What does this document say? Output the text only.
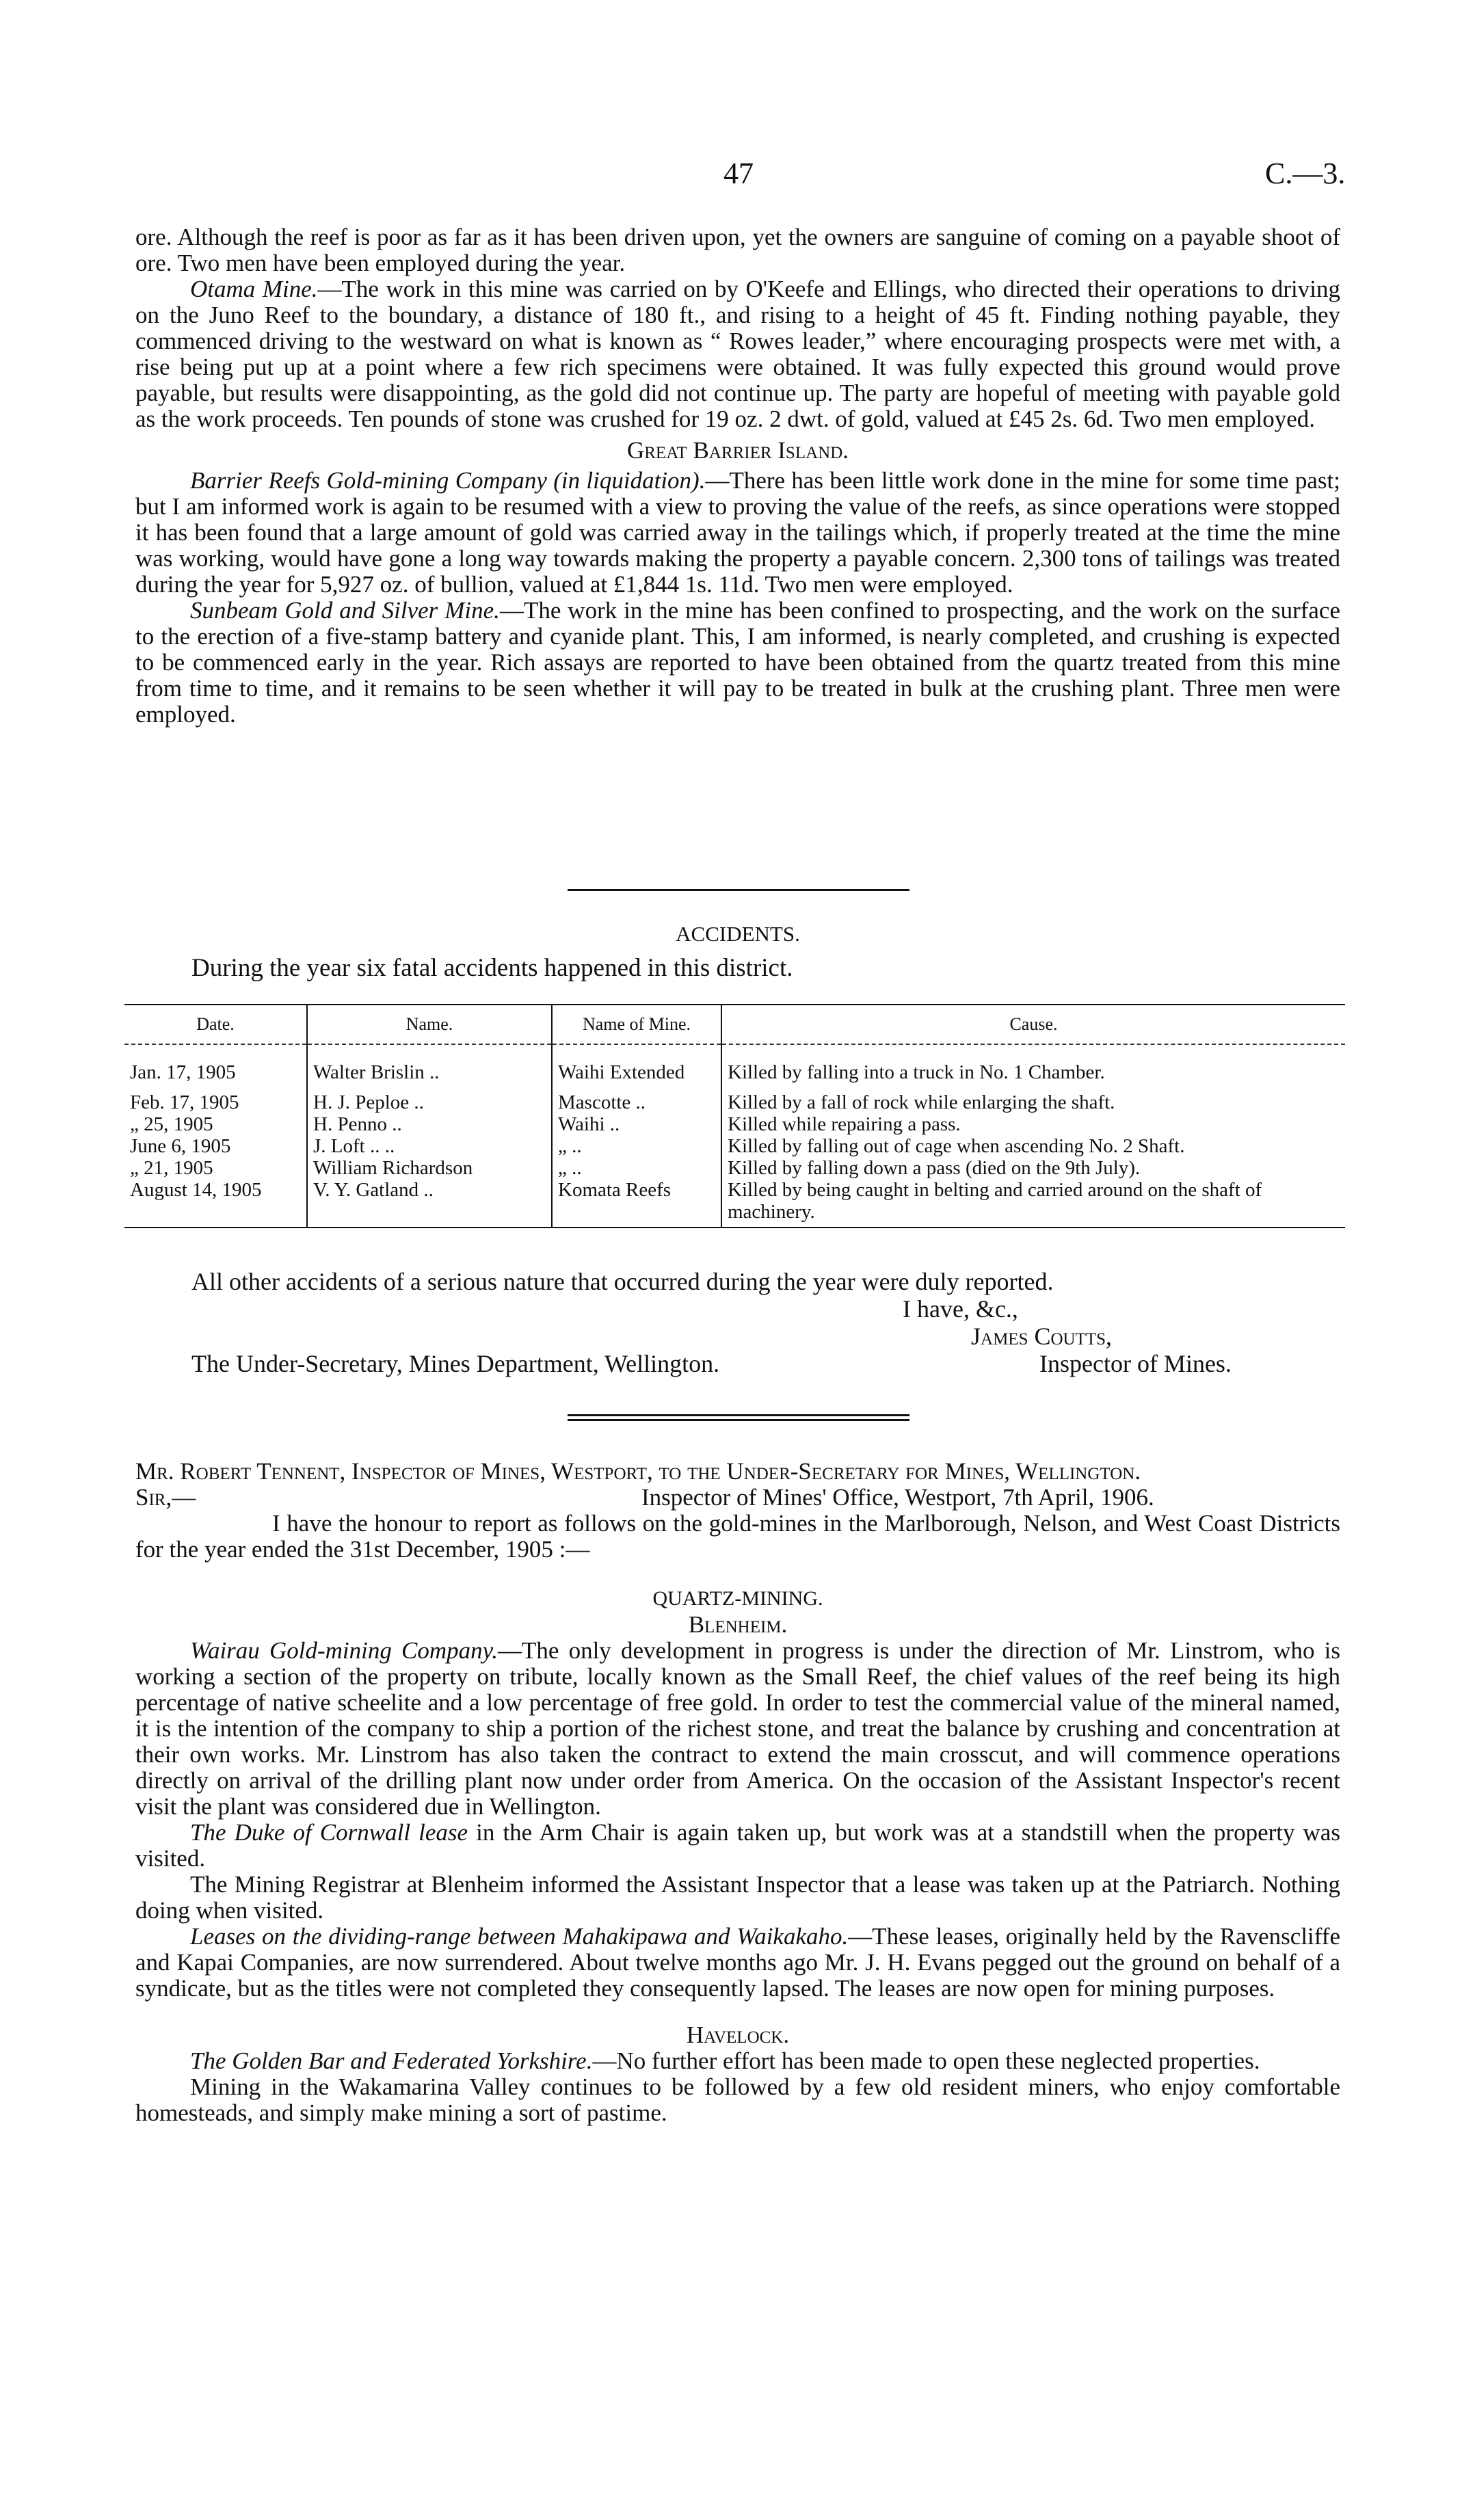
47	C.—3.

ore. Although the reef is poor as far as it has been driven upon, yet the owners are sanguine of coming on a payable shoot of ore. Two men have been employed during the year.

Otama Mine.—The work in this mine was carried on by O'Keefe and Ellings, who directed their operations to driving on the Juno Reef to the boundary, a distance of 180 ft., and rising to a height of 45 ft. Finding nothing payable, they commenced driving to the westward on what is known as “ Rowes leader,” where encouraging prospects were met with, a rise being put up at a point where a few rich specimens were obtained. It was fully expected this ground would prove payable, but results were disappointing, as the gold did not continue up. The party are hopeful of meeting with payable gold as the work proceeds. Ten pounds of stone was crushed for 19 oz. 2 dwt. of gold, valued at £45 2s. 6d. Two men employed.

Great Barrier Island.

Barrier Reefs Gold-mining Company (in liquidation).—There has been little work done in the mine for some time past; but I am informed work is again to be resumed with a view to proving the value of the reefs, as since operations were stopped it has been found that a large amount of gold was carried away in the tailings which, if properly treated at the time the mine was working, would have gone a long way towards making the property a payable concern. 2,300 tons of tailings was treated during the year for 5,927 oz. of bullion, valued at £1,844 1s. 11d. Two men were employed.

Sunbeam Gold and Silver Mine.—The work in the mine has been confined to prospecting, and the work on the surface to the erection of a five-stamp battery and cyanide plant. This, I am informed, is nearly completed, and crushing is expected to be commenced early in the year. Rich assays are reported to have been obtained from the quartz treated from this mine from time to time, and it remains to be seen whether it will pay to be treated in bulk at the crushing plant. Three men were employed.

ACCIDENTS.
During the year six fatal accidents happened in this district.
Date.	Name.	Name of Mine.	Cause.
Jan. 17, 1905	Walter Brislin ..	Waihi Extended	Killed by falling into a truck in No. 1 Chamber.
Feb. 17, 1905	H. J. Peploe ..	Mascotte ..	Killed by a fall of rock while enlarging the shaft.
„ 25, 1905	H. Penno ..	Waihi ..	Killed while repairing a pass.
June 6, 1905	J. Loft .. ..	„ ..	Killed by falling out of cage when ascending No. 2 Shaft.
„ 21, 1905	William Richardson	„ ..	Killed by falling down a pass (died on the 9th July).
August 14, 1905	V. Y. Gatland ..	Komata Reefs	Killed by being caught in belting and carried around on the shaft of machinery.
All other accidents of a serious nature that occurred during the year were duly reported.
I have, &c.,
James Coutts,
The Under-Secretary, Mines Department, Wellington.	Inspector of Mines.

Mr. Robert Tennent, Inspector of Mines, Westport, to the Under-Secretary for Mines, Wellington.

Sir,—	Inspector of Mines' Office, Westport, 7th April, 1906.

I have the honour to report as follows on the gold-mines in the Marlborough, Nelson, and West Coast Districts for the year ended the 31st December, 1905 :—

QUARTZ-MINING.

Blenheim.

Wairau Gold-mining Company.—The only development in progress is under the direction of Mr. Linstrom, who is working a section of the property on tribute, locally known as the Small Reef, the chief values of the reef being its high percentage of native scheelite and a low percentage of free gold. In order to test the commercial value of the mineral named, it is the intention of the company to ship a portion of the richest stone, and treat the balance by crushing and concentration at their own works. Mr. Linstrom has also taken the contract to extend the main crosscut, and will commence operations directly on arrival of the drilling plant now under order from America. On the occasion of the Assistant Inspector's recent visit the plant was considered due in Wellington.

The Duke of Cornwall lease in the Arm Chair is again taken up, but work was at a standstill when the property was visited.

The Mining Registrar at Blenheim informed the Assistant Inspector that a lease was taken up at the Patriarch. Nothing doing when visited.

Leases on the dividing-range between Mahakipawa and Waikakaho.—These leases, originally held by the Ravenscliffe and Kapai Companies, are now surrendered. About twelve months ago Mr. J. H. Evans pegged out the ground on behalf of a syndicate, but as the titles were not completed they consequently lapsed. The leases are now open for mining purposes.

Havelock.

The Golden Bar and Federated Yorkshire.—No further effort has been made to open these neglected properties.

Mining in the Wakamarina Valley continues to be followed by a few old resident miners, who enjoy comfortable homesteads, and simply make mining a sort of pastime.
